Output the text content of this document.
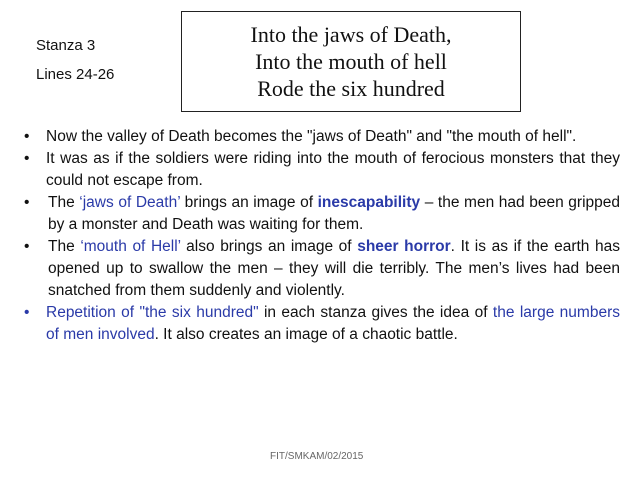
Stanza 3
Lines 24-26
Into the jaws of Death,
Into the mouth of hell
Rode the six hundred
• Now the valley of Death becomes the "jaws of Death" and "the mouth of hell".
• It was as if the soldiers were riding into the mouth of ferocious monsters that they could not escape from.
• The ‘jaws of Death’ brings an image of inescapability – the men had been gripped by a monster and Death was waiting for them.
• The ‘mouth of Hell’ also brings an image of sheer horror. It is as if the earth has opened up to swallow the men – they will die terribly. The men’s lives had been snatched from them suddenly and violently.
• Repetition of "the six hundred" in each stanza gives the idea of the large numbers of men involved. It also creates an image of a chaotic battle.
FIT/SMKAM/02/2015
